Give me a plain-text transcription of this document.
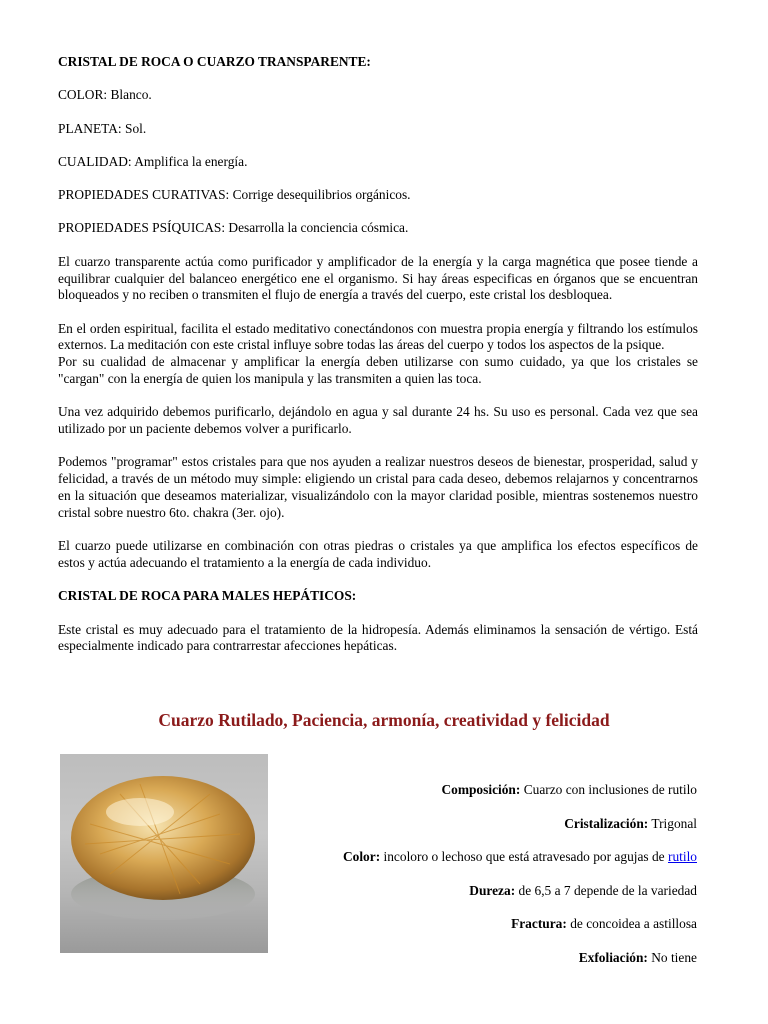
CRISTAL DE ROCA O CUARZO TRANSPARENTE:
COLOR: Blanco.
PLANETA: Sol.
CUALIDAD: Amplifica la energía.
PROPIEDADES CURATIVAS: Corrige desequilibrios orgánicos.
PROPIEDADES PSÍQUICAS: Desarrolla la conciencia cósmica.

El cuarzo transparente actúa como purificador y amplificador de la energía y la carga magnética que posee tiende a equilibrar cualquier del balanceo energético ene el organismo. Si hay áreas especificas en órganos que se encuentran bloqueados y no reciben o transmiten el flujo de energía a través del cuerpo, este cristal los desbloquea.

En el orden espiritual, facilita el estado meditativo conectándonos con muestra propia energía y filtrando los estímulos externos. La meditación con este cristal influye sobre todas las áreas del cuerpo y todos los aspectos de la psique.

Por su cualidad de almacenar y amplificar la energía deben utilizarse con sumo cuidado, ya que los cristales se "cargan" con la energía de quien los manipula y las transmiten a quien las toca.

Una vez adquirido debemos purificarlo, dejándolo en agua y sal durante 24 hs. Su uso es personal. Cada vez que sea utilizado por un paciente debemos volver a purificarlo.

Podemos "programar" estos cristales para que nos ayuden a realizar nuestros deseos de bienestar, prosperidad, salud y felicidad, a través de un método muy simple: eligiendo un cristal para cada deseo, debemos relajarnos y concentrarnos en la situación que deseamos materializar, visualizándolo con la mayor claridad posible, mientras sostenemos nuestro cristal sobre nuestro 6to. chakra (3er. ojo).

El cuarzo puede utilizarse en combinación con otras piedras o cristales ya que amplifica los efectos específicos de estos y actúa adecuando el tratamiento a la energía de cada individuo.

CRISTAL DE ROCA PARA MALES HEPÁTICOS:

Este cristal es muy adecuado para el tratamiento de la hidropesía. Además eliminamos la sensación de vértigo. Está especialmente indicado para contrarrestar afecciones hepáticas.

Cuarzo Rutilado, Paciencia, armonía, creatividad y felicidad
Composición: Cuarzo con inclusiones de rutilo
Cristalización: Trigonal
Color: incoloro o lechoso que está atravesado por agujas de rutilo
Dureza: de 6,5 a 7 depende de la variedad
Fractura: de concoidea a astillosa
Exfoliación: No tiene
